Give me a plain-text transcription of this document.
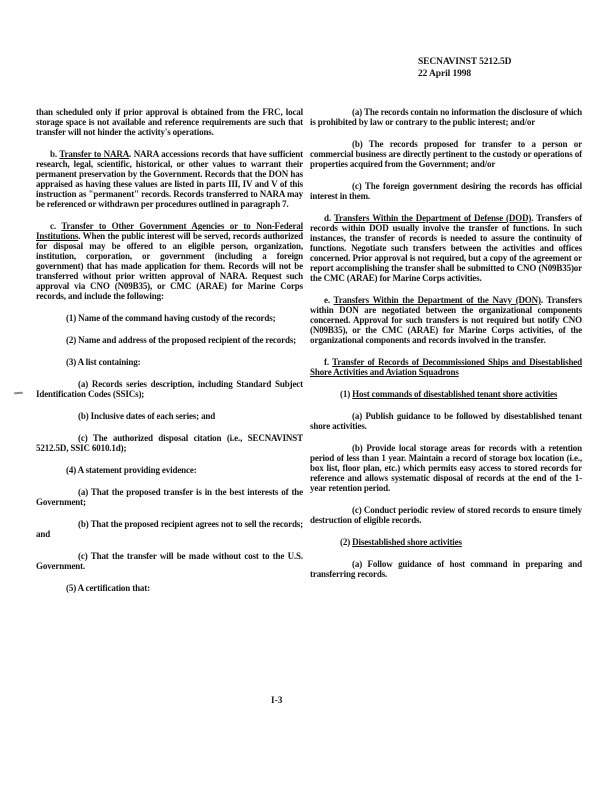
SECNAVINST 5212.5D
22 April 1998

than scheduled only if prior approval is obtained from the FRC, local storage space is not available and reference requirements are such that transfer will not hinder the activity's operations.

b. Transfer to NARA. NARA accessions records that have sufficient research, legal, scientific, historical, or other values to warrant their permanent preservation by the Government. Records that the DON has appraised as having these values are listed in parts III, IV and V of this instruction as "permanent" records. Records transferred to NARA may be referenced or withdrawn per procedures outlined in paragraph 7.

c. Transfer to Other Government Agencies or to Non-Federal Institutions. When the public interest will be served, records authorized for disposal may be offered to an eligible person, organization, institution, corporation, or government (including a foreign government) that has made application for them. Records will not be transferred without prior written approval of NARA. Request such approval via CNO (N09B35), or CMC (ARAE) for Marine Corps records, and include the following:

(1) Name of the command having custody of the records;

(2) Name and address of the proposed recipient of the records;

(3) A list containing:

(a) Records series description, including Standard Subject Identification Codes (SSICs);

(b) Inclusive dates of each series; and

(c) The authorized disposal citation (i.e., SECNAVINST 5212.5D, SSIC 6010.1d);

(4) A statement providing evidence:

(a) That the proposed transfer is in the best interests of the Government;

(b) That the proposed recipient agrees not to sell the records; and

(c) That the transfer will be made without cost to the U.S. Government.

(5) A certification that:

(a) The records contain no information the disclosure of which is prohibited by law or contrary to the public interest; and/or

(b) The records proposed for transfer to a person or commercial business are directly pertinent to the custody or operations of properties acquired from the Government; and/or

(c) The foreign government desiring the records has official interest in them.

d. Transfers Within the Department of Defense (DOD). Transfers of records within DOD usually involve the transfer of functions. In such instances, the transfer of records is needed to assure the continuity of functions. Negotiate such transfers between the activities and offices concerned. Prior approval is not required, but a copy of the agreement or report accomplishing the transfer shall be submitted to CNO (N09B35)or the CMC (ARAE) for Marine Corps activities.

e. Transfers Within the Department of the Navy (DON). Transfers within DON are negotiated between the organizational components concerned. Approval for such transfers is not required but notify CNO (N09B35), or the CMC (ARAE) for Marine Corps activities, of the organizational components and records involved in the transfer.

f. Transfer of Records of Decommissioned Ships and Disestablished Shore Activities and Aviation Squadrons

(1) Host commands of disestablished tenant shore activities

(a) Publish guidance to be followed by disestablished tenant shore activities.

(b) Provide local storage areas for records with a retention period of less than 1 year. Maintain a record of storage box location (i.e., box list, floor plan, etc.) which permits easy access to stored records for reference and allows systematic disposal of records at the end of the 1-year retention period.

(c) Conduct periodic review of stored records to ensure timely destruction of eligible records.

(2) Disestablished shore activities

(a) Follow guidance of host command in preparing and transferring records.

I-3
